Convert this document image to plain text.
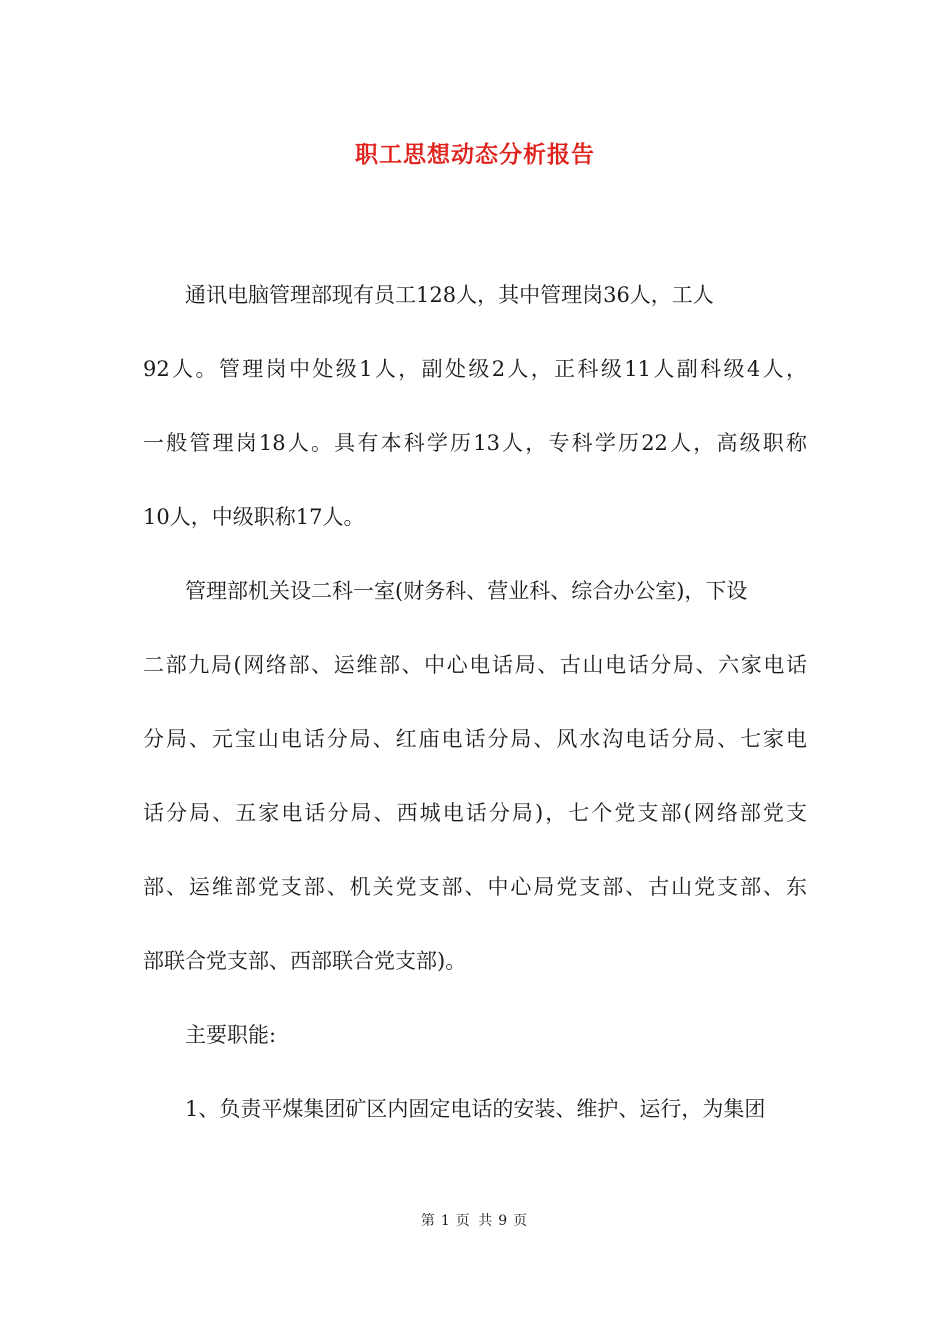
职工思想动态分析报告
　　通讯电脑管理部现有员工128人，其中管理岗36人，工人
92人。管理岗中处级1人，副处级2人，正科级11人副科级4人，
一般管理岗18人。具有本科学历13人，专科学历22人，高级职称
10人，中级职称17人。
　　管理部机关设二科一室(财务科、营业科、综合办公室)，下设
二部九局(网络部、运维部、中心电话局、古山电话分局、六家电话
分局、元宝山电话分局、红庙电话分局、风水沟电话分局、七家电
话分局、五家电话分局、西城电话分局)，七个党支部(网络部党支
部、运维部党支部、机关党支部、中心局党支部、古山党支部、东
部联合党支部、西部联合党支部)。
　　主要职能:
　　1、负责平煤集团矿区内固定电话的安装、维护、运行，为集团
第 1 页 共 9 页
